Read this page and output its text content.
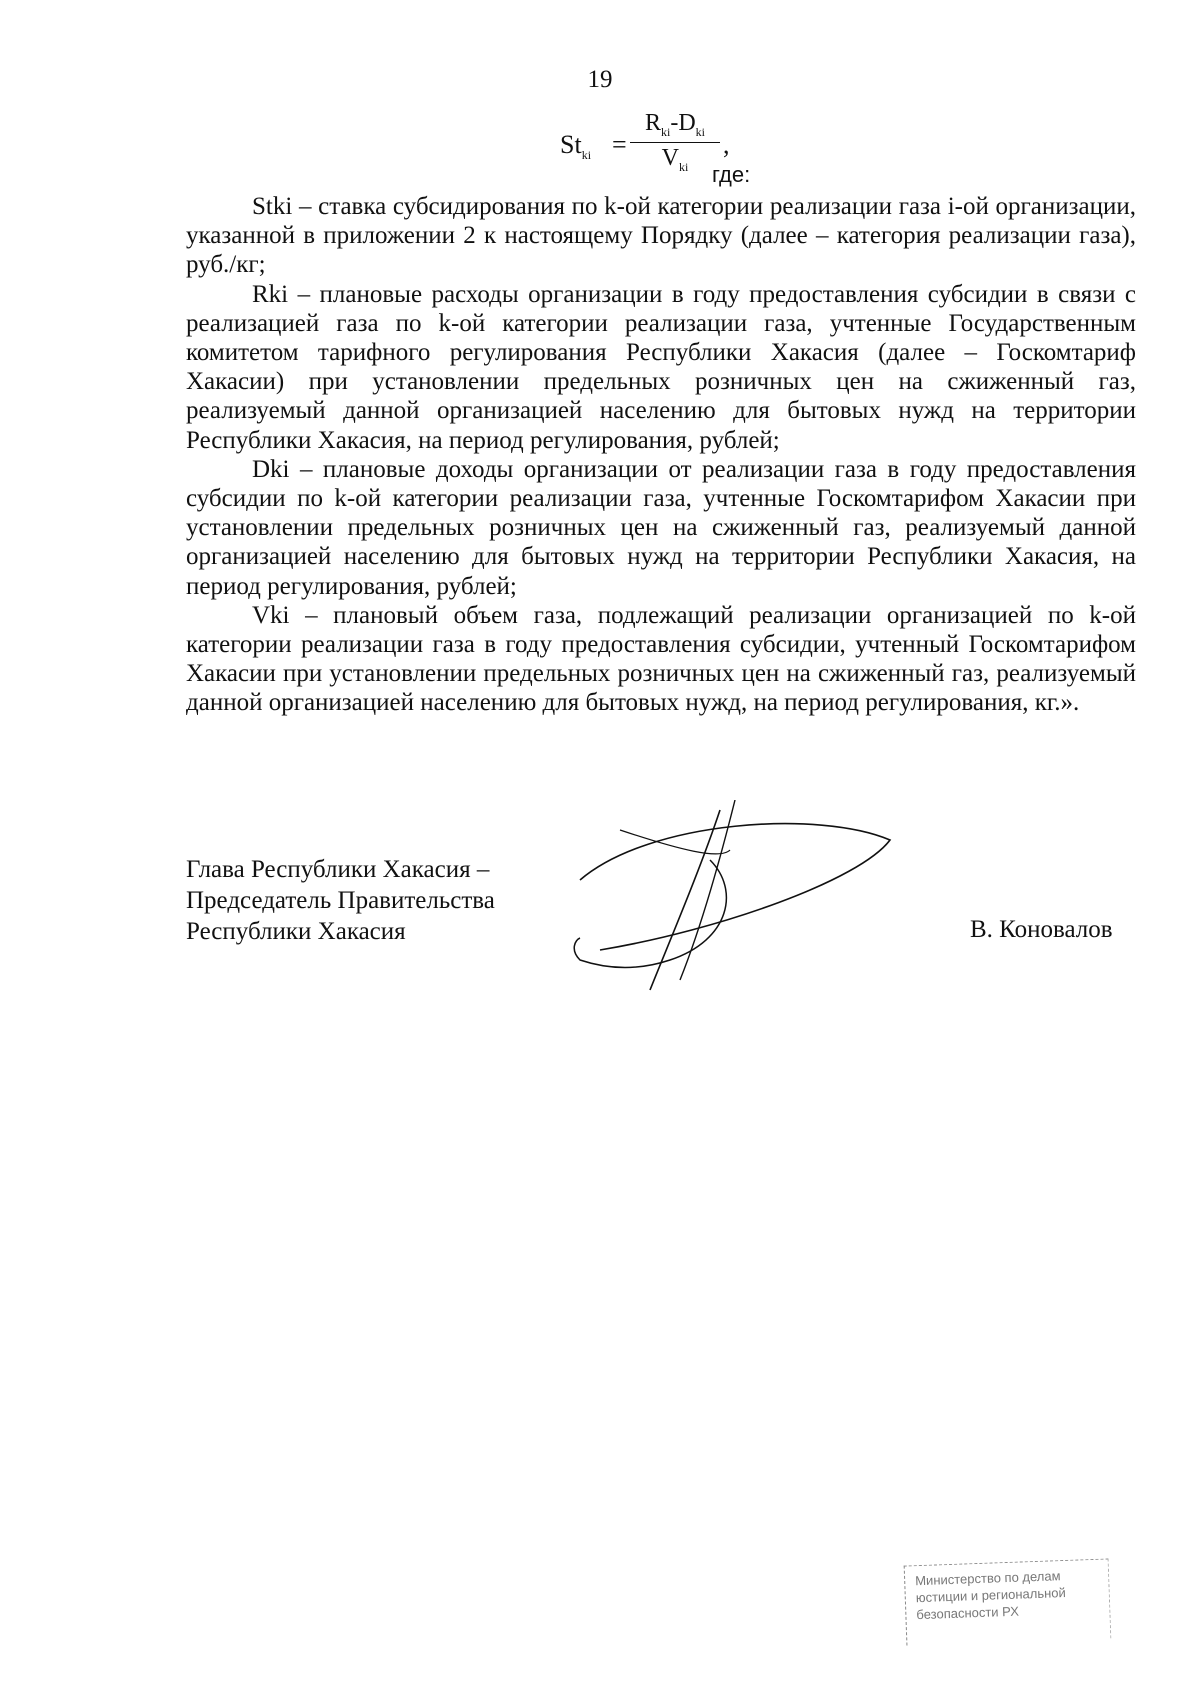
19
$St_{ki}$ =
$R_{ki}-D_{ki}$
$V_{ki}$
,
где:

Stki – ставка субсидирования по k-ой категории реализации газа i-ой организации, указанной в приложении 2 к настоящему Порядку (далее – категория реализации газа), руб./кг;

Rki – плановые расходы организации в году предоставления субсидии в связи с реализацией газа по k-ой категории реализации газа, учтенные Государственным комитетом тарифного регулирования Республики Хакасия (далее – Госкомтариф Хакасии) при установлении предельных розничных цен на сжиженный газ, реализуемый данной организацией населению для бытовых нужд на территории Республики Хакасия, на период регулирования, рублей;

Dki – плановые доходы организации от реализации газа в году предоставления субсидии по k-ой категории реализации газа, учтенные Госкомтарифом Хакасии при установлении предельных розничных цен на сжиженный газ, реализуемый данной организацией населению для бытовых нужд на территории Республики Хакасия, на период регулирования, рублей;

Vki – плановый объем газа, подлежащий реализации организацией по k-ой категории реализации газа в году предоставления субсидии, учтенный Госкомтарифом Хакасии при установлении предельных розничных цен на сжиженный газ, реализуемый данной организацией населению для бытовых нужд, на период регулирования, кг.».

Глава Республики Хакасия –
Председатель Правительства
Республики Хакасия	В. Коновалов
Министерство по делам
юстиции и региональной
безопасности РХ
